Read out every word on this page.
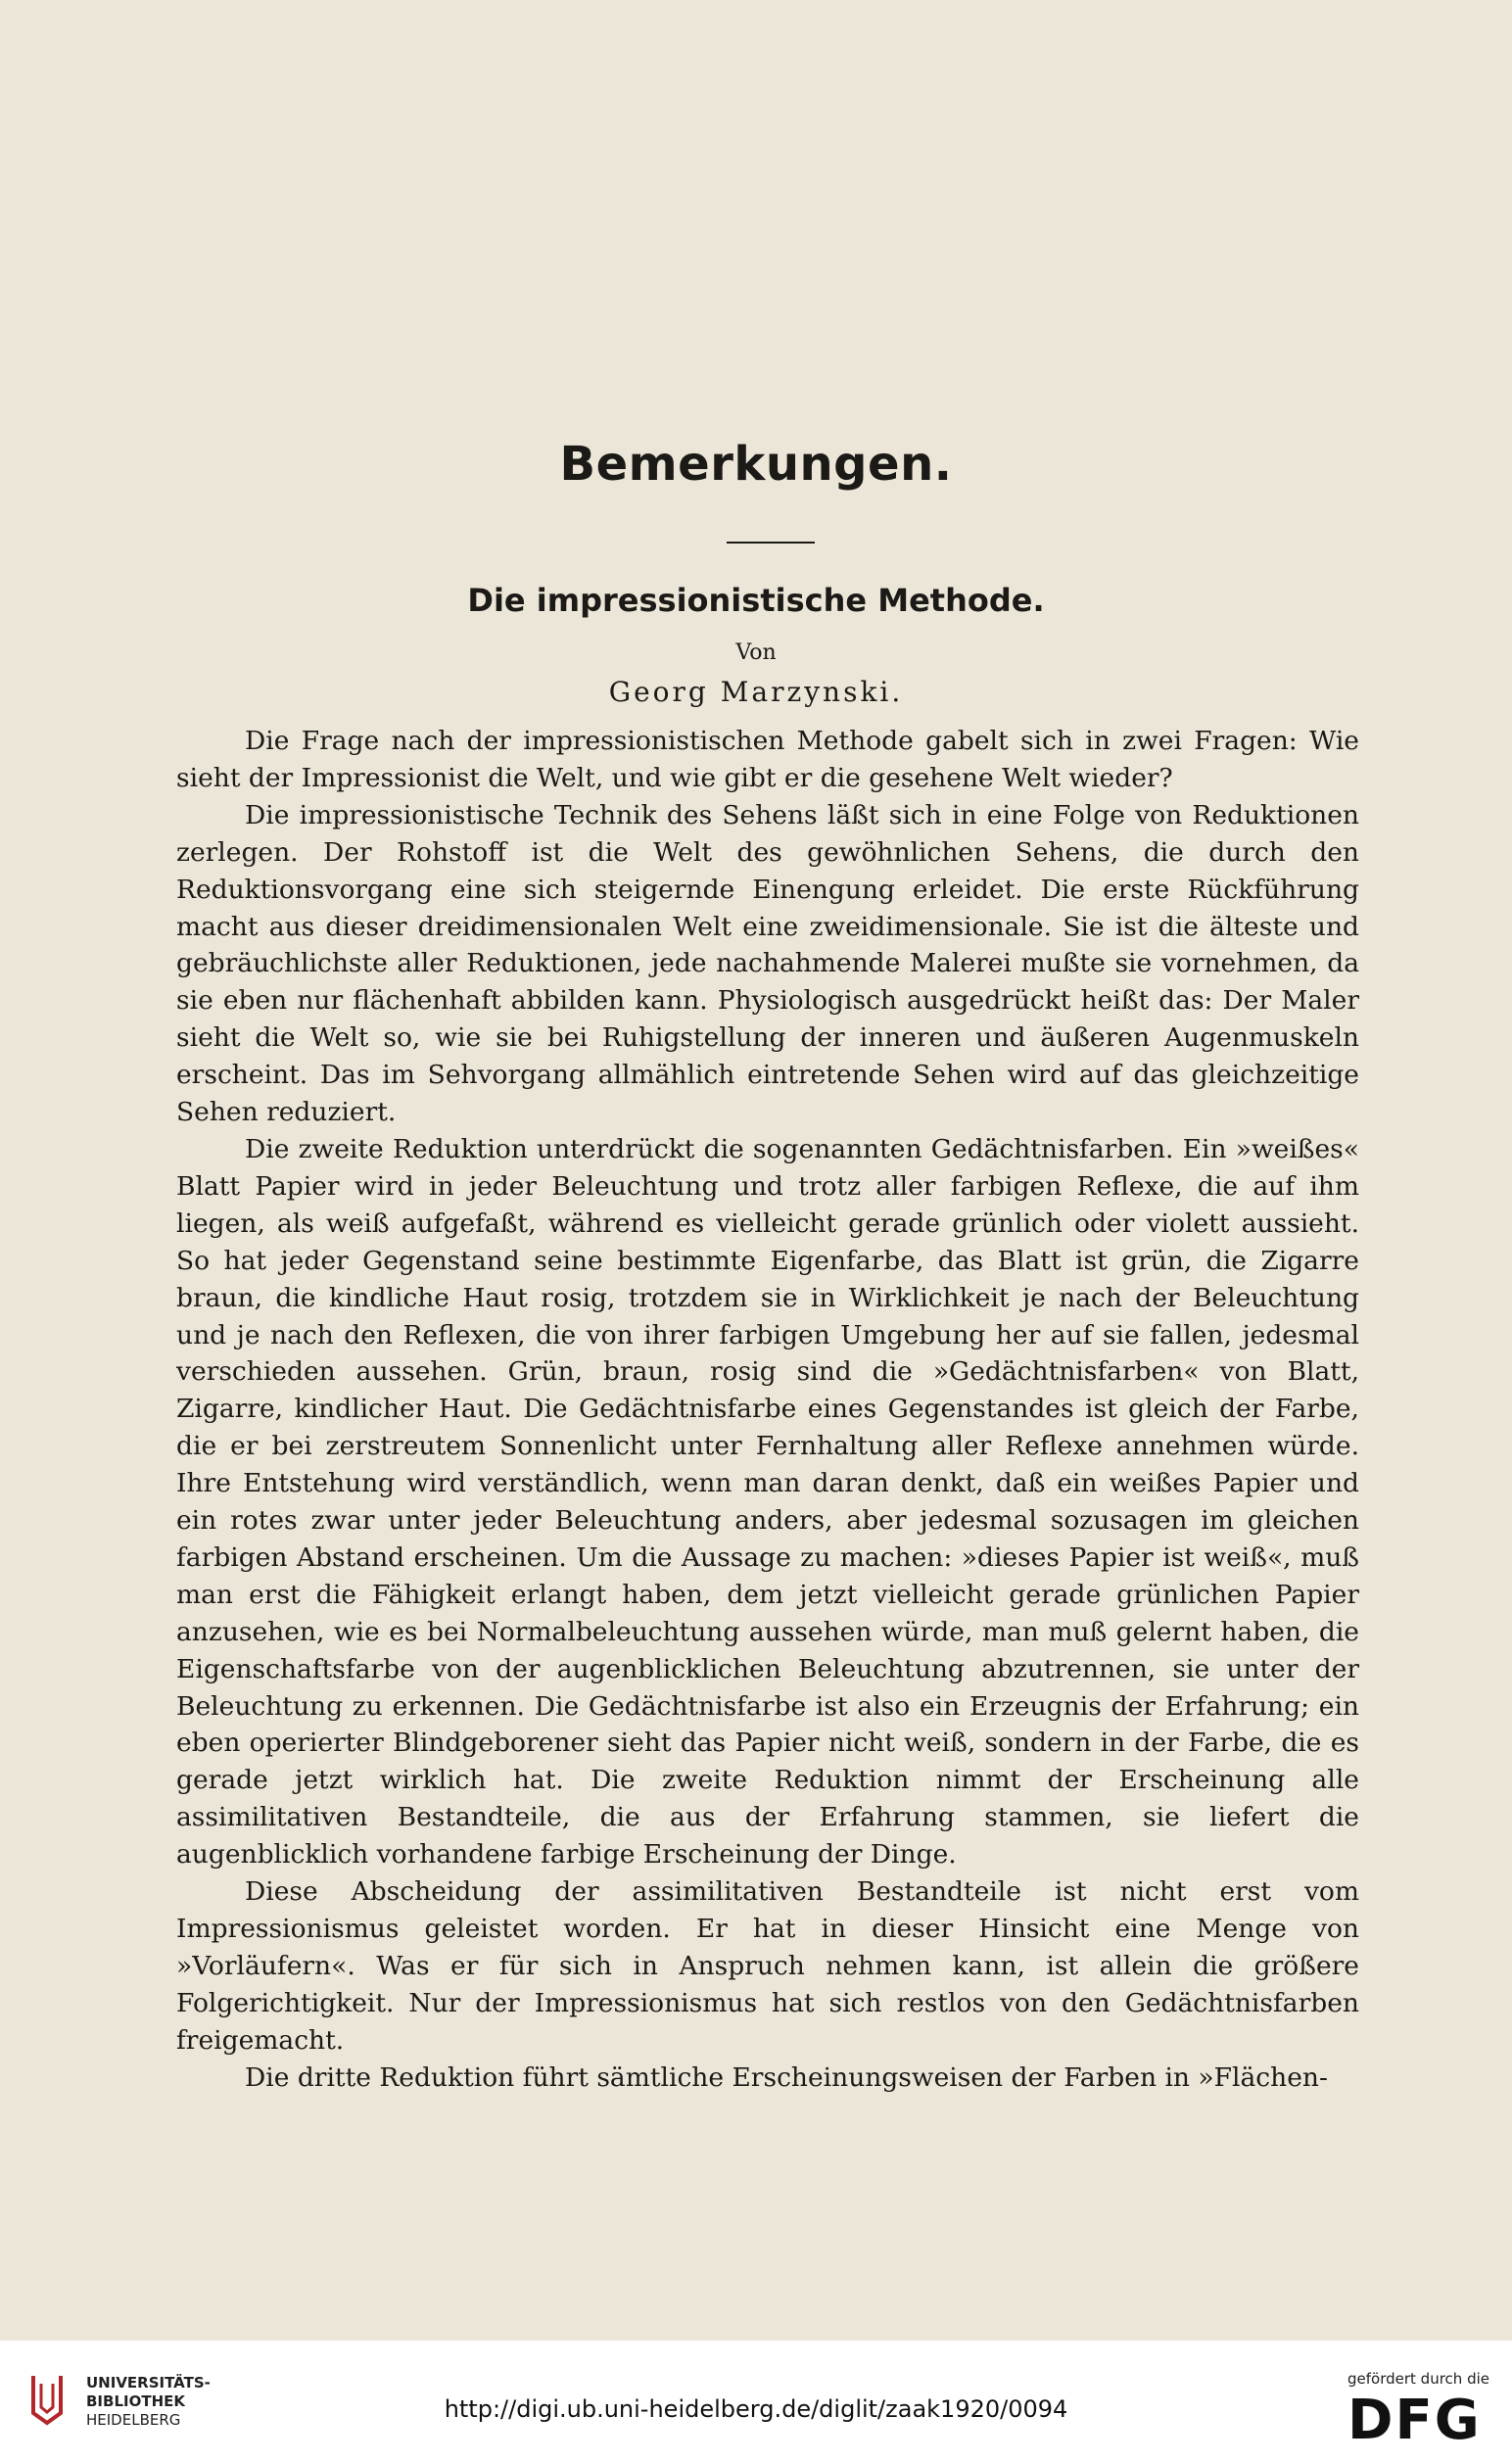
Bemerkungen.
Die impressionistische Methode.
Von
Georg Marzynski.

Die Frage nach der impressionistischen Methode gabelt sich in zwei Fragen: Wie sieht der Impressionist die Welt, und wie gibt er die gesehene Welt wieder?

Die impressionistische Technik des Sehens läßt sich in eine Folge von Reduktionen zerlegen. Der Rohstoff ist die Welt des gewöhnlichen Sehens, die durch den Reduktionsvorgang eine sich steigernde Einengung erleidet. Die erste Rückführung macht aus dieser dreidimensionalen Welt eine zweidimensionale. Sie ist die älteste und gebräuchlichste aller Reduktionen, jede nachahmende Malerei mußte sie vornehmen, da sie eben nur flächenhaft abbilden kann. Physiologisch ausgedrückt heißt das: Der Maler sieht die Welt so, wie sie bei Ruhigstellung der inneren und äußeren Augenmuskeln erscheint. Das im Sehvorgang allmählich eintretende Sehen wird auf das gleichzeitige Sehen reduziert.

Die zweite Reduktion unterdrückt die sogenannten Gedächtnisfarben. Ein »weißes« Blatt Papier wird in jeder Beleuchtung und trotz aller farbigen Reflexe, die auf ihm liegen, als weiß aufgefaßt, während es vielleicht gerade grünlich oder violett aussieht. So hat jeder Gegenstand seine bestimmte Eigenfarbe, das Blatt ist grün, die Zigarre braun, die kindliche Haut rosig, trotzdem sie in Wirklichkeit je nach der Beleuchtung und je nach den Reflexen, die von ihrer farbigen Umgebung her auf sie fallen, jedesmal verschieden aussehen. Grün, braun, rosig sind die »Gedächtnisfarben« von Blatt, Zigarre, kindlicher Haut. Die Gedächtnisfarbe eines Gegenstandes ist gleich der Farbe, die er bei zerstreutem Sonnenlicht unter Fernhaltung aller Reflexe annehmen würde. Ihre Entstehung wird verständlich, wenn man daran denkt, daß ein weißes Papier und ein rotes zwar unter jeder Beleuchtung anders, aber jedesmal sozusagen im gleichen farbigen Abstand erscheinen. Um die Aussage zu machen: »dieses Papier ist weiß«, muß man erst die Fähigkeit erlangt haben, dem jetzt vielleicht gerade grünlichen Papier anzusehen, wie es bei Normalbeleuchtung aussehen würde, man muß gelernt haben, die Eigenschaftsfarbe von der augenblicklichen Beleuchtung abzutrennen, sie unter der Beleuchtung zu erkennen. Die Gedächtnisfarbe ist also ein Erzeugnis der Erfahrung; ein eben operierter Blindgeborener sieht das Papier nicht weiß, sondern in der Farbe, die es gerade jetzt wirklich hat. Die zweite Reduktion nimmt der Erscheinung alle assimilitativen Bestandteile, die aus der Erfahrung stammen, sie liefert die augenblicklich vorhandene farbige Erscheinung der Dinge.

Diese Abscheidung der assimilitativen Bestandteile ist nicht erst vom Impressionismus geleistet worden. Er hat in dieser Hinsicht eine Menge von »Vorläufern«. Was er für sich in Anspruch nehmen kann, ist allein die größere Folgerichtigkeit. Nur der Impressionismus hat sich restlos von den Gedächtnisfarben freigemacht.

Die dritte Reduktion führt sämtliche Erscheinungsweisen der Farben in »Flächen-

UNIVERSITÄTS-
BIBLIOTHEK
HEIDELBERG	http://digi.ub.uni-heidelberg.de/diglit/zaak1920/0094
gefördert durch die
DFG
